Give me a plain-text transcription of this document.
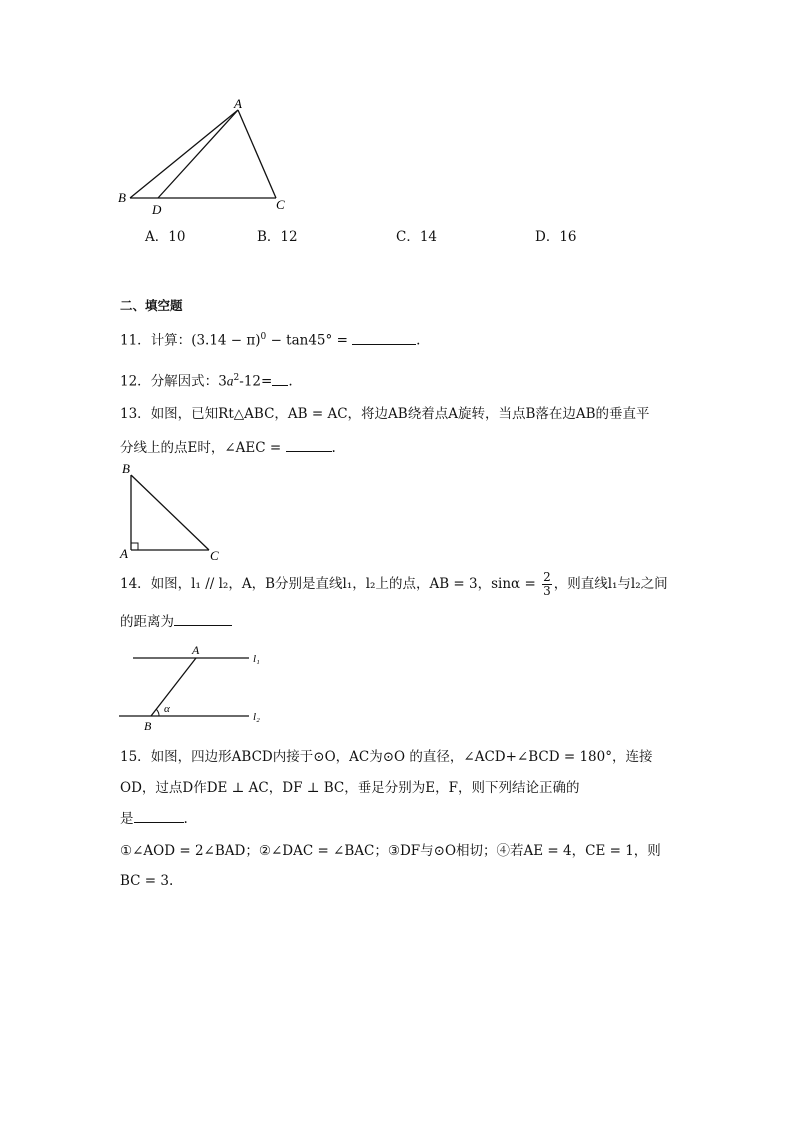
A
B
D	C
A．10	B．12	C．14	D．16
二、填空题
11．计算：$(3.14 - \pi)^0 - \tan 45^\circ$ =	.
12．分解因式：$3a^2-12=$ .
13．如图，已知Rt△ABC，AB = AC，将边AB绕着点A旋转，当点B落在边AB的垂直平
分线上的点E时，∠AEC =	.
B
A	C
14．如图，l₁ // l₂，A，B分别是直线l₁，l₂上的点，AB = 3，$\sin\alpha = \frac{2}{3}$ ，则直线l₁与l₂之间
的距离为
A
B
α
l₁
l₂
15．如图，四边形ABCD内接于⊙O，AC为⊙O 的直径，∠ACD+∠BCD = 180°，连接
OD，过点D作DE ⊥ AC，DF ⊥ BC，垂足分别为E，F，则下列结论正确的
是	.
①∠AOD = 2∠BAD；②∠DAC = ∠BAC；③DF与⊙O相切；④若AE = 4，CE = 1，则
BC = 3.
